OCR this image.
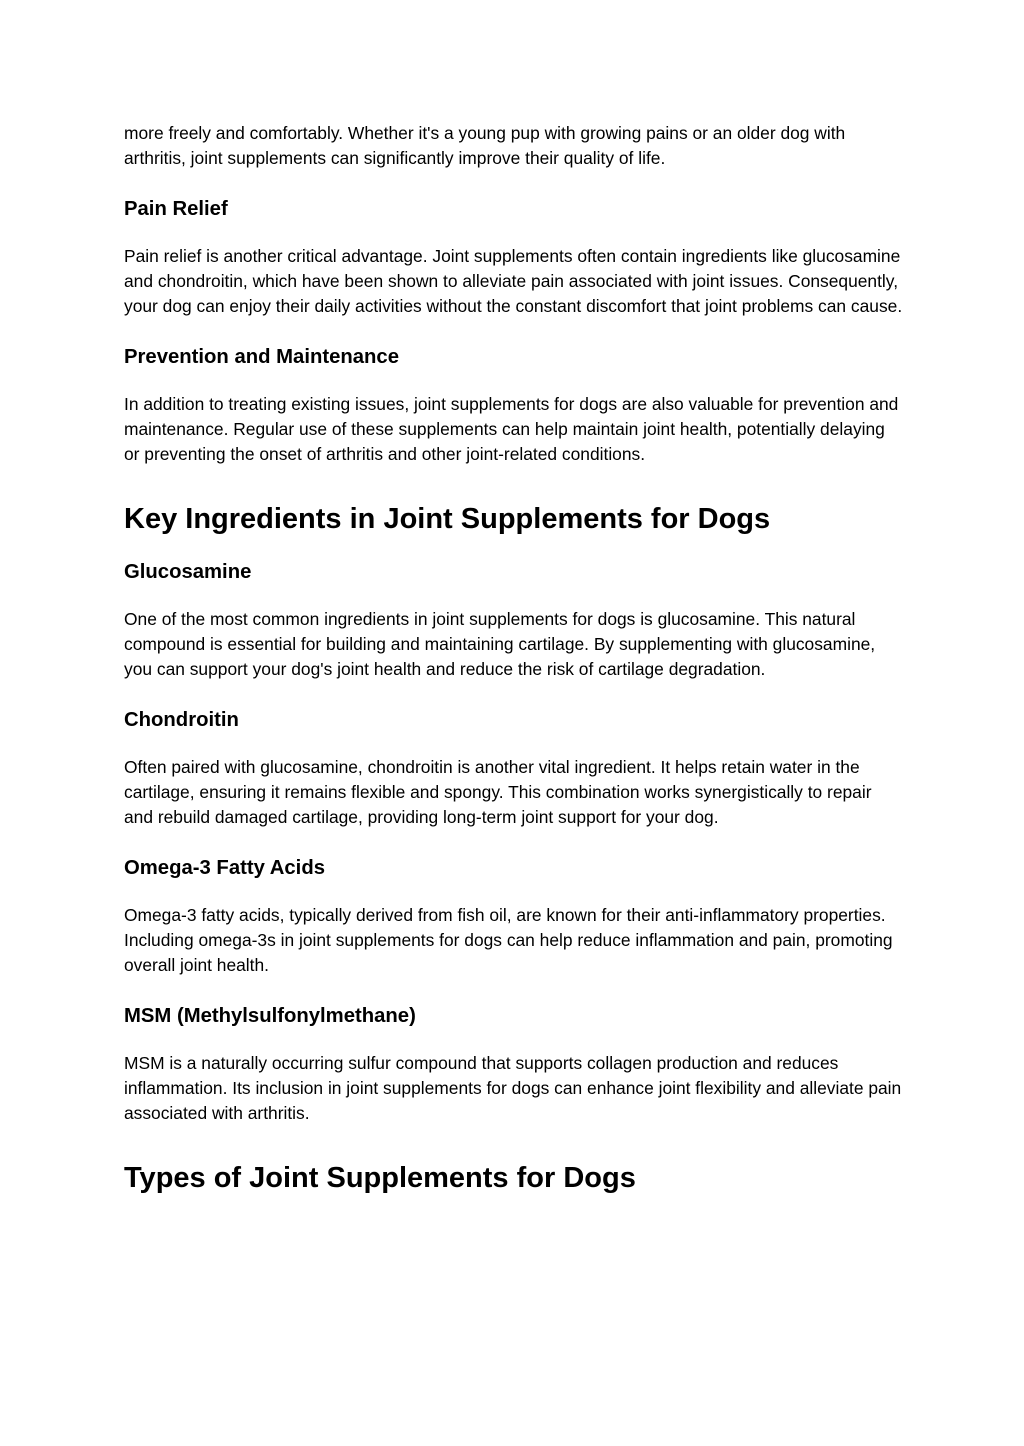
more freely and comfortably. Whether it's a young pup with growing pains or an older dog with arthritis, joint supplements can significantly improve their quality of life.

Pain Relief

Pain relief is another critical advantage. Joint supplements often contain ingredients like glucosamine and chondroitin, which have been shown to alleviate pain associated with joint issues. Consequently, your dog can enjoy their daily activities without the constant discomfort that joint problems can cause.

Prevention and Maintenance

In addition to treating existing issues, joint supplements for dogs are also valuable for prevention and maintenance. Regular use of these supplements can help maintain joint health, potentially delaying or preventing the onset of arthritis and other joint-related conditions.

Key Ingredients in Joint Supplements for Dogs
Glucosamine

One of the most common ingredients in joint supplements for dogs is glucosamine. This natural compound is essential for building and maintaining cartilage. By supplementing with glucosamine, you can support your dog's joint health and reduce the risk of cartilage degradation.

Chondroitin

Often paired with glucosamine, chondroitin is another vital ingredient. It helps retain water in the cartilage, ensuring it remains flexible and spongy. This combination works synergistically to repair and rebuild damaged cartilage, providing long-term joint support for your dog.

Omega-3 Fatty Acids

Omega-3 fatty acids, typically derived from fish oil, are known for their anti-inflammatory properties. Including omega-3s in joint supplements for dogs can help reduce inflammation and pain, promoting overall joint health.

MSM (Methylsulfonylmethane)

MSM is a naturally occurring sulfur compound that supports collagen production and reduces inflammation. Its inclusion in joint supplements for dogs can enhance joint flexibility and alleviate pain associated with arthritis.

Types of Joint Supplements for Dogs
